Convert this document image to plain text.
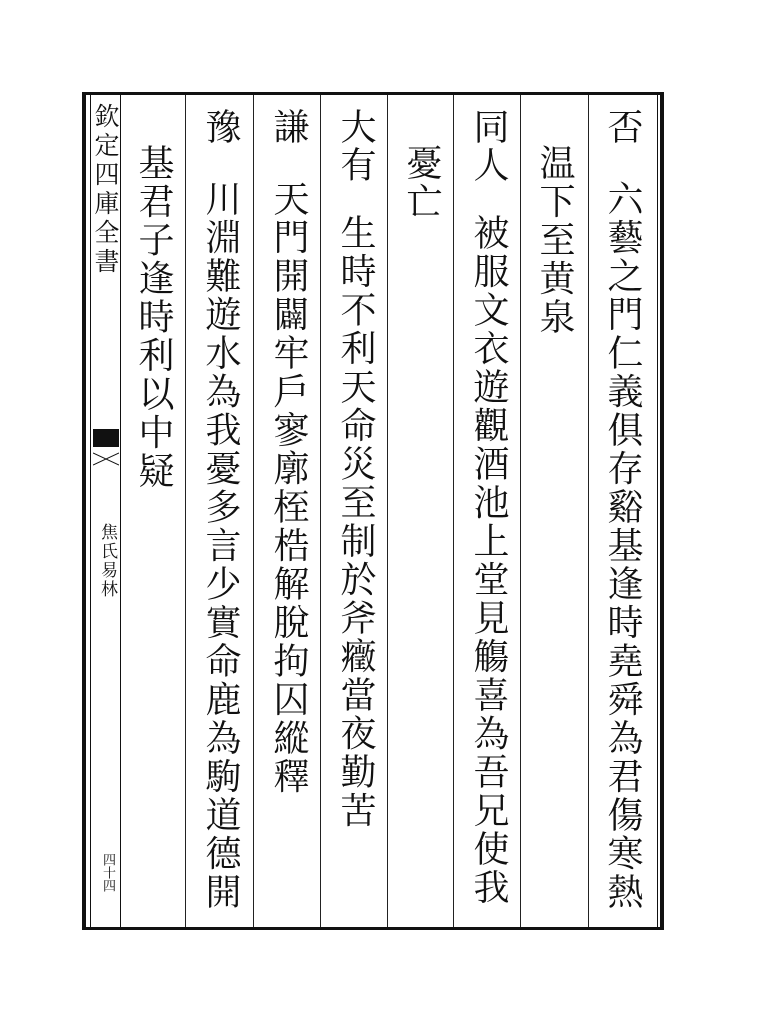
欽定四庫全書
焦氏易林
四十四
否
六藝之門仁義俱存谿基逢時堯舜為君傷寒熱
温下至黄泉
同人
被服文衣遊觀酒池上堂見觴喜為吾兄使我
憂亡
大有
生時不利天命災至制於斧癥當夜勤苦
謙
天門開闢牢戶寥廓桎梏解脫拘囚縱釋
豫
川淵難遊水為我憂多言少實命鹿為駒道德開
基君子逢時利以中疑
